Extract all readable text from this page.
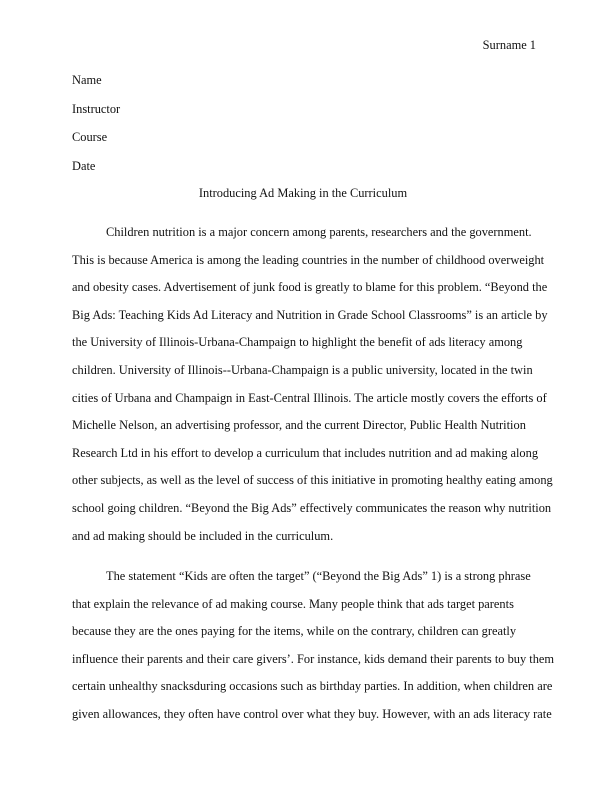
Surname 1
Name
Instructor
Course
Date
Introducing Ad Making in the Curriculum

Children nutrition is a major concern among parents, researchers and the government.
This is because America is among the leading countries in the number of childhood overweight
and obesity cases. Advertisement of junk food is greatly to blame for this problem. “Beyond the
Big Ads: Teaching Kids Ad Literacy and Nutrition in Grade School Classrooms” is an article by
the University of Illinois-Urbana-Champaign to highlight the benefit of ads literacy among
children. University of Illinois--Urbana-Champaign is a public university, located in the twin
cities of Urbana and Champaign in East-Central Illinois. The article mostly covers the efforts of
Michelle Nelson, an advertising professor, and the current Director, Public Health Nutrition
Research Ltd in his effort to develop a curriculum that includes nutrition and ad making along
other subjects, as well as the level of success of this initiative in promoting healthy eating among
school going children. “Beyond the Big Ads” effectively communicates the reason why nutrition
and ad making should be included in the curriculum.

The statement “Kids are often the target” (“Beyond the Big Ads” 1) is a strong phrase
that explain the relevance of ad making course. Many people think that ads target parents
because they are the ones paying for the items, while on the contrary, children can greatly
influence their parents and their care givers’. For instance, kids demand their parents to buy them
certain unhealthy snacksduring occasions such as birthday parties. In addition, when children are
given allowances, they often have control over what they buy. However, with an ads literacy rate
